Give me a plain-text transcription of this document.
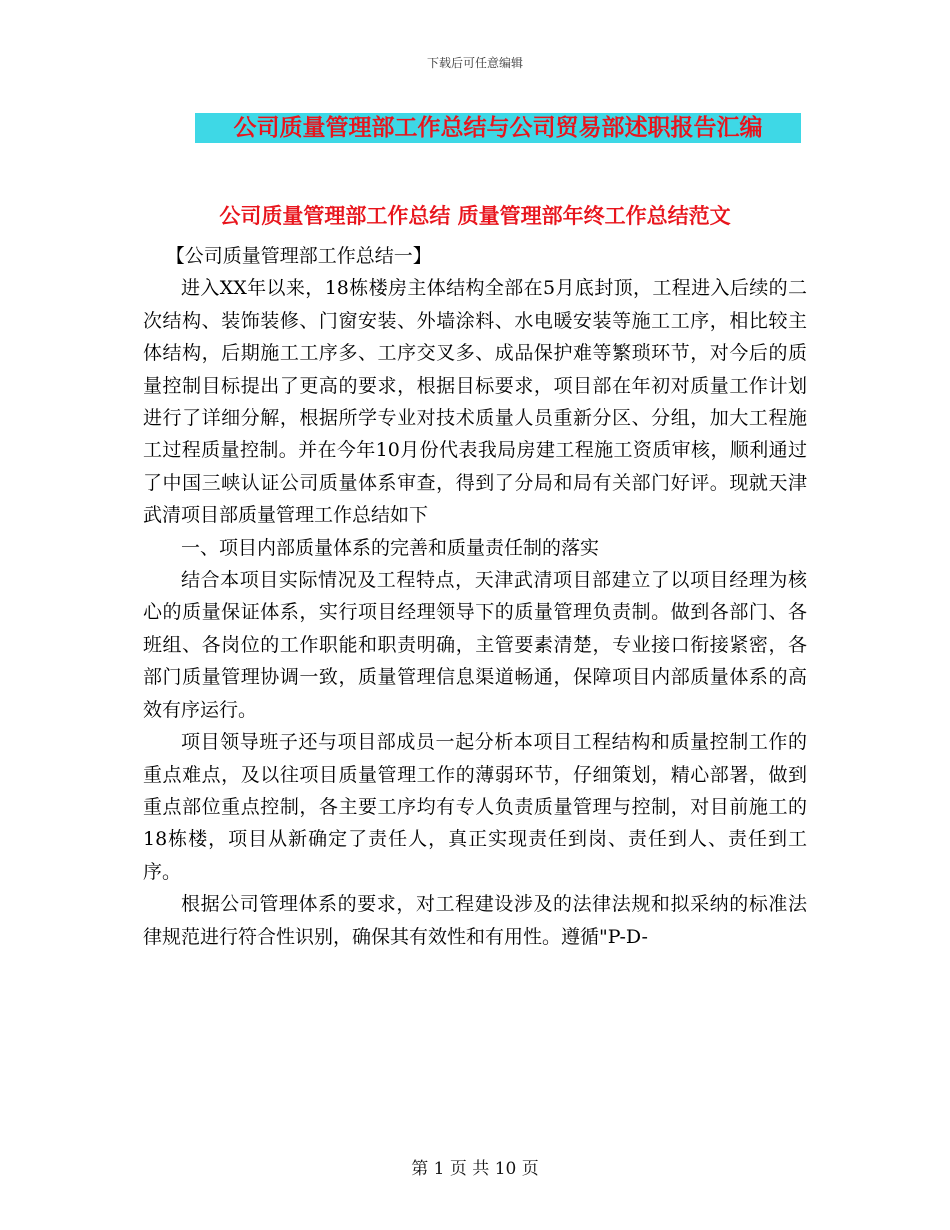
下载后可任意编辑
公司质量管理部工作总结与公司贸易部述职报告汇编
公司质量管理部工作总结 质量管理部年终工作总结范文

【公司质量管理部工作总结一】

进入XX年以来，18栋楼房主体结构全部在5月底封顶，工程进入后续的二次结构、装饰装修、门窗安装、外墙涂料、水电暖安装等施工工序，相比较主体结构，后期施工工序多、工序交叉多、成品保护难等繁琐环节，对今后的质量控制目标提出了更高的要求，根据目标要求，项目部在年初对质量工作计划进行了详细分解，根据所学专业对技术质量人员重新分区、分组，加大工程施工过程质量控制。并在今年10月份代表我局房建工程施工资质审核，顺利通过了中国三峡认证公司质量体系审查，得到了分局和局有关部门好评。现就天津武清项目部质量管理工作总结如下

一、项目内部质量体系的完善和质量责任制的落实

结合本项目实际情况及工程特点，天津武清项目部建立了以项目经理为核心的质量保证体系，实行项目经理领导下的质量管理负责制。做到各部门、各班组、各岗位的工作职能和职责明确，主管要素清楚，专业接口衔接紧密，各部门质量管理协调一致，质量管理信息渠道畅通，保障项目内部质量体系的高效有序运行。

项目领导班子还与项目部成员一起分析本项目工程结构和质量控制工作的重点难点，及以往项目质量管理工作的薄弱环节，仔细策划，精心部署，做到重点部位重点控制，各主要工序均有专人负责质量管理与控制，对目前施工的18栋楼，项目从新确定了责任人，真正实现责任到岗、责任到人、责任到工序。

根据公司管理体系的要求，对工程建设涉及的法律法规和拟采纳的标准法律规范进行符合性识别，确保其有效性和有用性。遵循"P-D-

第 1 页 共 10 页
